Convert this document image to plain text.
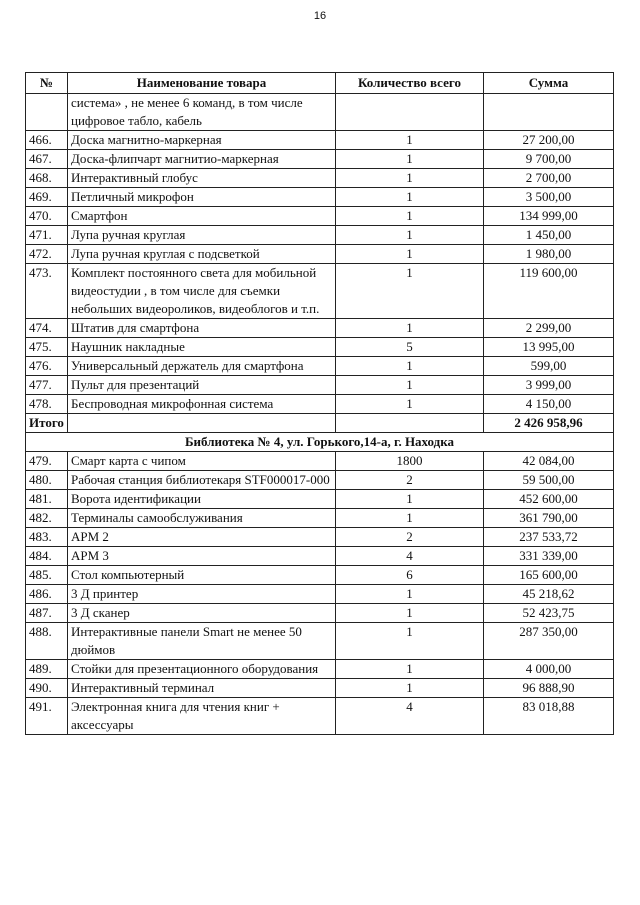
16
№	Наименование товара	Количество всего	Сумма
	система» , не менее 6 команд, в том числе цифровое табло, кабель		
466.	Доска магнитно-маркерная	1	27 200,00
467.	Доска-флипчарт магнитио-маркерная	1	9 700,00
468.	Интерактивный глобус	1	2 700,00
469.	Петличный микрофон	1	3 500,00
470.	Смартфон	1	134 999,00
471.	Лупа ручная круглая	1	1 450,00
472.	Лупа ручная круглая с подсветкой	1	1 980,00
473.	Комплект постоянного света для мобильной видеостудии , в том числе для съемки небольших видеороликов, видеоблогов и т.п.	1	119 600,00
474.	Штатив для смартфона	1	2 299,00
475.	Наушник накладные	5	13 995,00
476.	Универсальный держатель для смартфона	1	599,00
477.	Пульт для презентаций	1	3 999,00
478.	Беспроводная микрофонная система	1	4 150,00
Итого			2 426 958,96
Библиотека № 4, ул. Горького,14-а, г. Находка			
479.	Смарт карта с чипом	1800	42 084,00
480.	Рабочая станция библиотекаря STF000017-000	2	59 500,00
481.	Ворота идентификации	1	452 600,00
482.	Терминалы самообслуживания	1	361 790,00
483.	АРМ 2	2	237 533,72
484.	АРМ 3	4	331 339,00
485.	Стол компьютерный	6	165 600,00
486.	3 Д принтер	1	45 218,62
487.	3 Д сканер	1	52 423,75
488.	Интерактивные панели Smart не менее 50 дюймов	1	287 350,00
489.	Стойки для презентационного оборудования	1	4 000,00
490.	Интерактивный терминал	1	96 888,90
491.	Электронная книга для чтения книг + аксессуары	4	83 018,88
